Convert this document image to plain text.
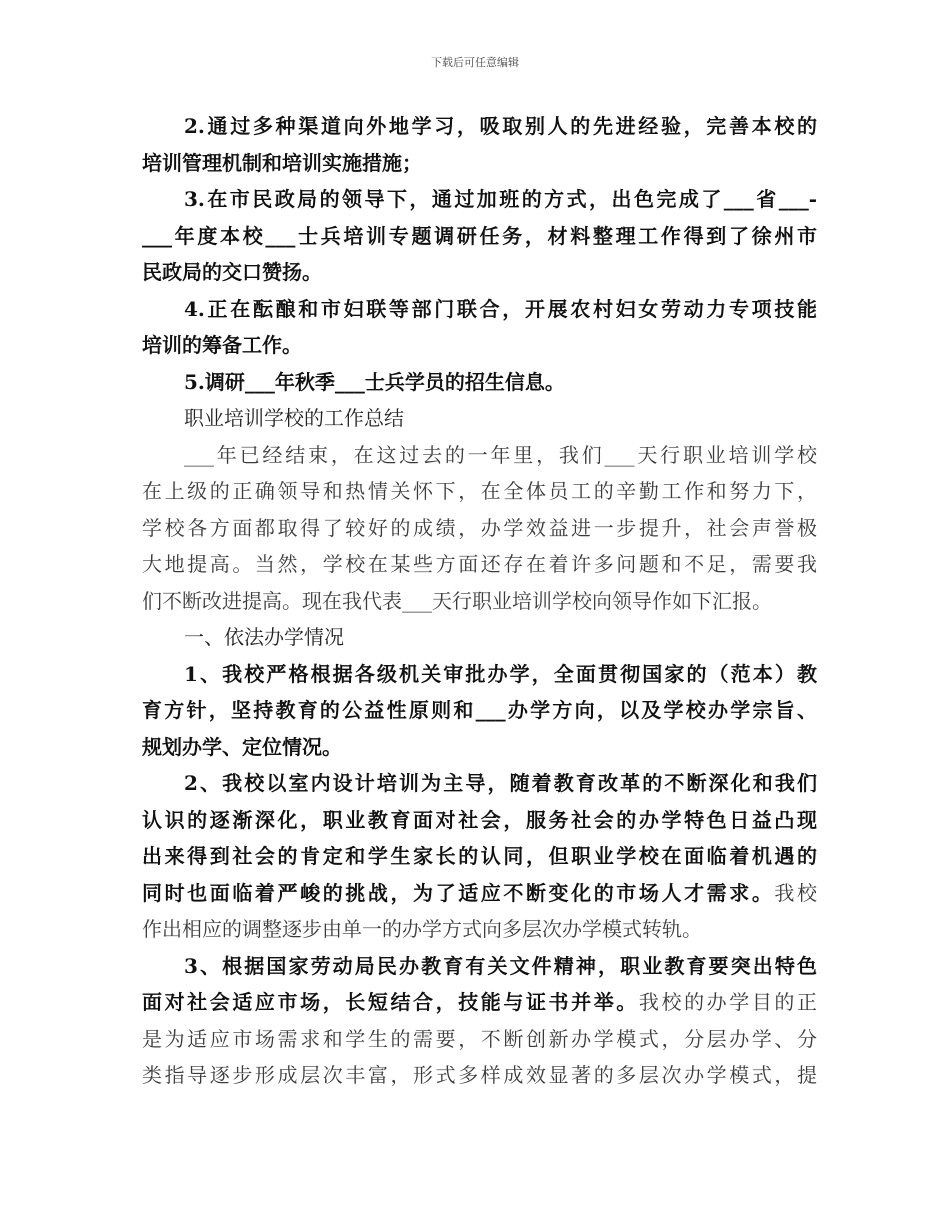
下载后可任意编辑

2.通过多种渠道向外地学习，吸取别人的先进经验，完善本校的
培训管理机制和培训实施措施；

3.在市民政局的领导下，通过加班的方式，出色完成了___省___-
___年度本校___士兵培训专题调研任务，材料整理工作得到了徐州市
民政局的交口赞扬。

4.正在酝酿和市妇联等部门联合，开展农村妇女劳动力专项技能
培训的筹备工作。

5.调研___年秋季___士兵学员的招生信息。

职业培训学校的工作总结

___年已经结束，在这过去的一年里，我们___天行职业培训学校
在上级的正确领导和热情关怀下，在全体员工的辛勤工作和努力下，
学校各方面都取得了较好的成绩，办学效益进一步提升，社会声誉极
大地提高。当然，学校在某些方面还存在着许多问题和不足，需要我
们不断改进提高。现在我代表___天行职业培训学校向领导作如下汇报。

一、依法办学情况

1、我校严格根据各级机关审批办学，全面贯彻国家的（范本）教
育方针，坚持教育的公益性原则和___办学方向，以及学校办学宗旨、
规划办学、定位情况。

2、我校以室内设计培训为主导，随着教育改革的不断深化和我们
认识的逐渐深化，职业教育面对社会，服务社会的办学特色日益凸现
出来得到社会的肯定和学生家长的认同，但职业学校在面临着机遇的
同时也面临着严峻的挑战，为了适应不断变化的市场人才需求。我校
作出相应的调整逐步由单一的办学方式向多层次办学模式转轨。

3、根据国家劳动局民办教育有关文件精神，职业教育要突出特色
面对社会适应市场，长短结合，技能与证书并举。我校的办学目的正
是为适应市场需求和学生的需要，不断创新办学模式，分层办学、分
类指导逐步形成层次丰富，形式多样成效显著的多层次办学模式，提
